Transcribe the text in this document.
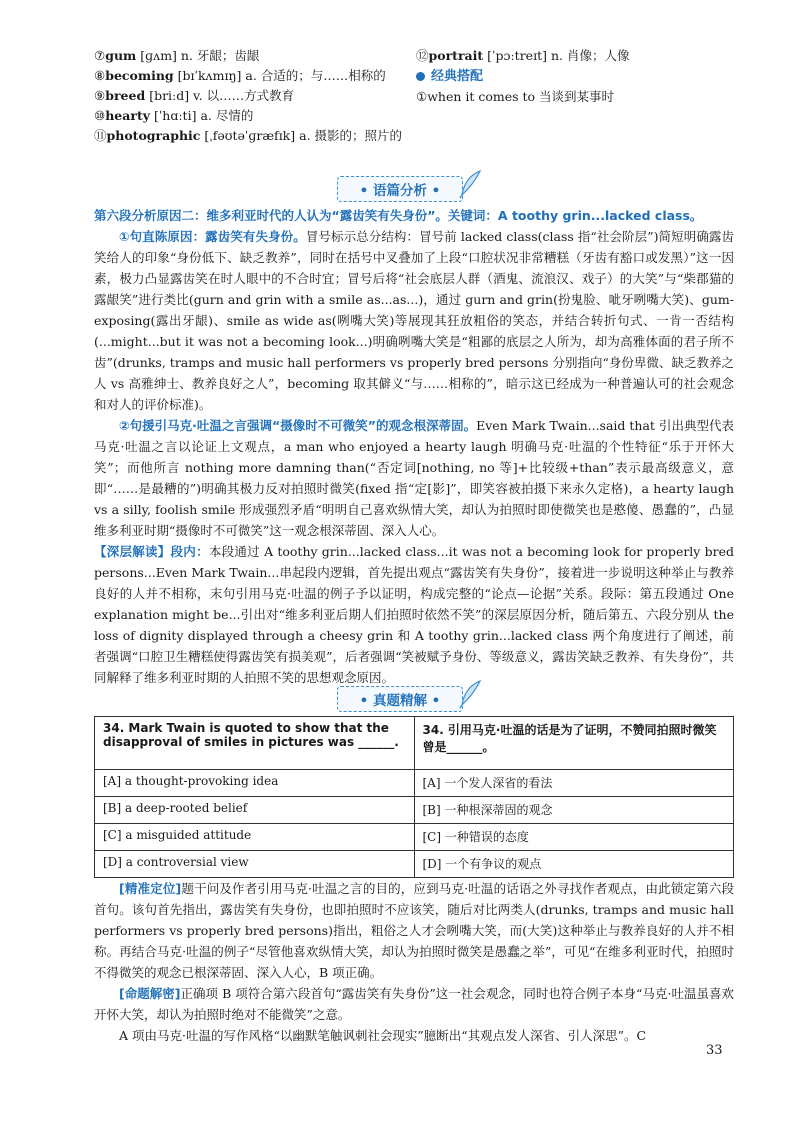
⑦gum [ɡʌm] n. 牙龈；齿龈
⑧becoming [bɪˈkʌmɪŋ] a. 合适的；与……相称的
⑨breed [briːd] v. 以……方式教育
⑩hearty [ˈhɑːti] a. 尽情的
⑪photographic [ˌfəʊtəˈɡræfɪk] a. 摄影的；照片的
⑫portrait [ˈpɔːtreɪt] n. 肖像；人像
经典搭配
①when it comes to 当谈到某事时
• 语篇分析 •

第六段分析原因二：维多利亚时代的人认为“露齿笑有失身份”。关键词：A toothy grin...lacked class。

①句直陈原因：露齿笑有失身份。冒号标示总分结构：冒号前 lacked class(class 指“社会阶层”)简短明确露齿笑给人的印象“身份低下、缺乏教养”，同时在括号中叉叠加了上段“口腔状况非常糟糕（牙齿有豁口或发黑）”这一因素，极力凸显露齿笑在时人眼中的不合时宜；冒号后将“社会底层人群（酒鬼、流浪汉、戏子）的大笑”与“柴郡猫的露龈笑”进行类比(gurn and grin with a smile as...as...)，通过 gurn and grin(扮鬼脸、呲牙咧嘴大笑)、gum-exposing(露出牙龈)、smile as wide as(咧嘴大笑)等展现其狂放粗俗的笑态，并结合转折句式、一肯一否结构(...might...but it was not a becoming look...)明确咧嘴大笑是“粗鄙的底层之人所为，却为高雅体面的君子所不齿”(drunks, tramps and music hall performers vs properly bred persons 分别指向“身份卑微、缺乏教养之人 vs 高雅绅士、教养良好之人”，becoming 取其僻义“与……相称的”，暗示这已经成为一种普遍认可的社会观念和对人的评价标准)。

②句援引马克·吐温之言强调“摄像时不可微笑”的观念根深蒂固。Even Mark Twain...said that 引出典型代表马克·吐温之言以论证上文观点，a man who enjoyed a hearty laugh 明确马克·吐温的个性特征“乐于开怀大笑”；而他所言 nothing more damning than(“否定词[nothing, no 等]+比较级+than”表示最高级意义，意即“……是最糟的”)明确其极力反对拍照时微笑(fixed 指“定[影]”，即笑容被拍摄下来永久定格)，a hearty laugh vs a silly, foolish smile 形成强烈矛盾“明明自己喜欢纵情大笑，却认为拍照时即使微笑也是憨傻、愚蠢的”，凸显维多利亚时期“摄像时不可微笑”这一观念根深蒂固、深入人心。

【深层解读】段内：本段通过 A toothy grin...lacked class...it was not a becoming look for properly bred persons...Even Mark Twain...串起段内逻辑，首先提出观点“露齿笑有失身份”，接着进一步说明这种举止与教养良好的人并不相称，末句引用马克·吐温的例子予以证明，构成完整的“论点—论据”关系。段际：第五段通过 One explanation might be...引出对“维多利亚后期人们拍照时依然不笑”的深层原因分析，随后第五、六段分别从 the loss of dignity displayed through a cheesy grin 和 A toothy grin...lacked class 两个角度进行了阐述，前者强调“口腔卫生糟糕使得露齿笑有损美观”，后者强调“笑被赋予身份、等级意义，露齿笑缺乏教养、有失身份”，共同解释了维多利亚时期的人拍照不笑的思想观念原因。

• 真题精解 •
34. Mark Twain is quoted to show that the disapproval of smiles in pictures was ______.	34. 引用马克·吐温的话是为了证明，不赞同拍照时微笑曾是______。
[A] a thought-provoking idea	[A] 一个发人深省的看法
[B] a deep-rooted belief	[B] 一种根深蒂固的观念
[C] a misguided attitude	[C] 一种错误的态度
[D] a controversial view	[D] 一个有争议的观点

[精准定位]题干问及作者引用马克·吐温之言的目的，应到马克·吐温的话语之外寻找作者观点，由此锁定第六段首句。该句首先指出，露齿笑有失身份，也即拍照时不应该笑，随后对比两类人(drunks, tramps and music hall performers vs properly bred persons)指出，粗俗之人才会咧嘴大笑，而(大笑)这种举止与教养良好的人并不相称。再结合马克·吐温的例子“尽管他喜欢纵情大笑，却认为拍照时微笑是愚蠢之举”，可见“在维多利亚时代，拍照时不得微笑的观念已根深蒂固、深入人心，B 项正确。

[命题解密]正确项 B 项符合第六段首句“露齿笑有失身份”这一社会观念，同时也符合例子本身“马克·吐温虽喜欢开怀大笑，却认为拍照时绝对不能微笑”之意。

A 项由马克·吐温的写作风格“以幽默笔触讽刺社会现实”臆断出“其观点发人深省、引人深思”。C

33
